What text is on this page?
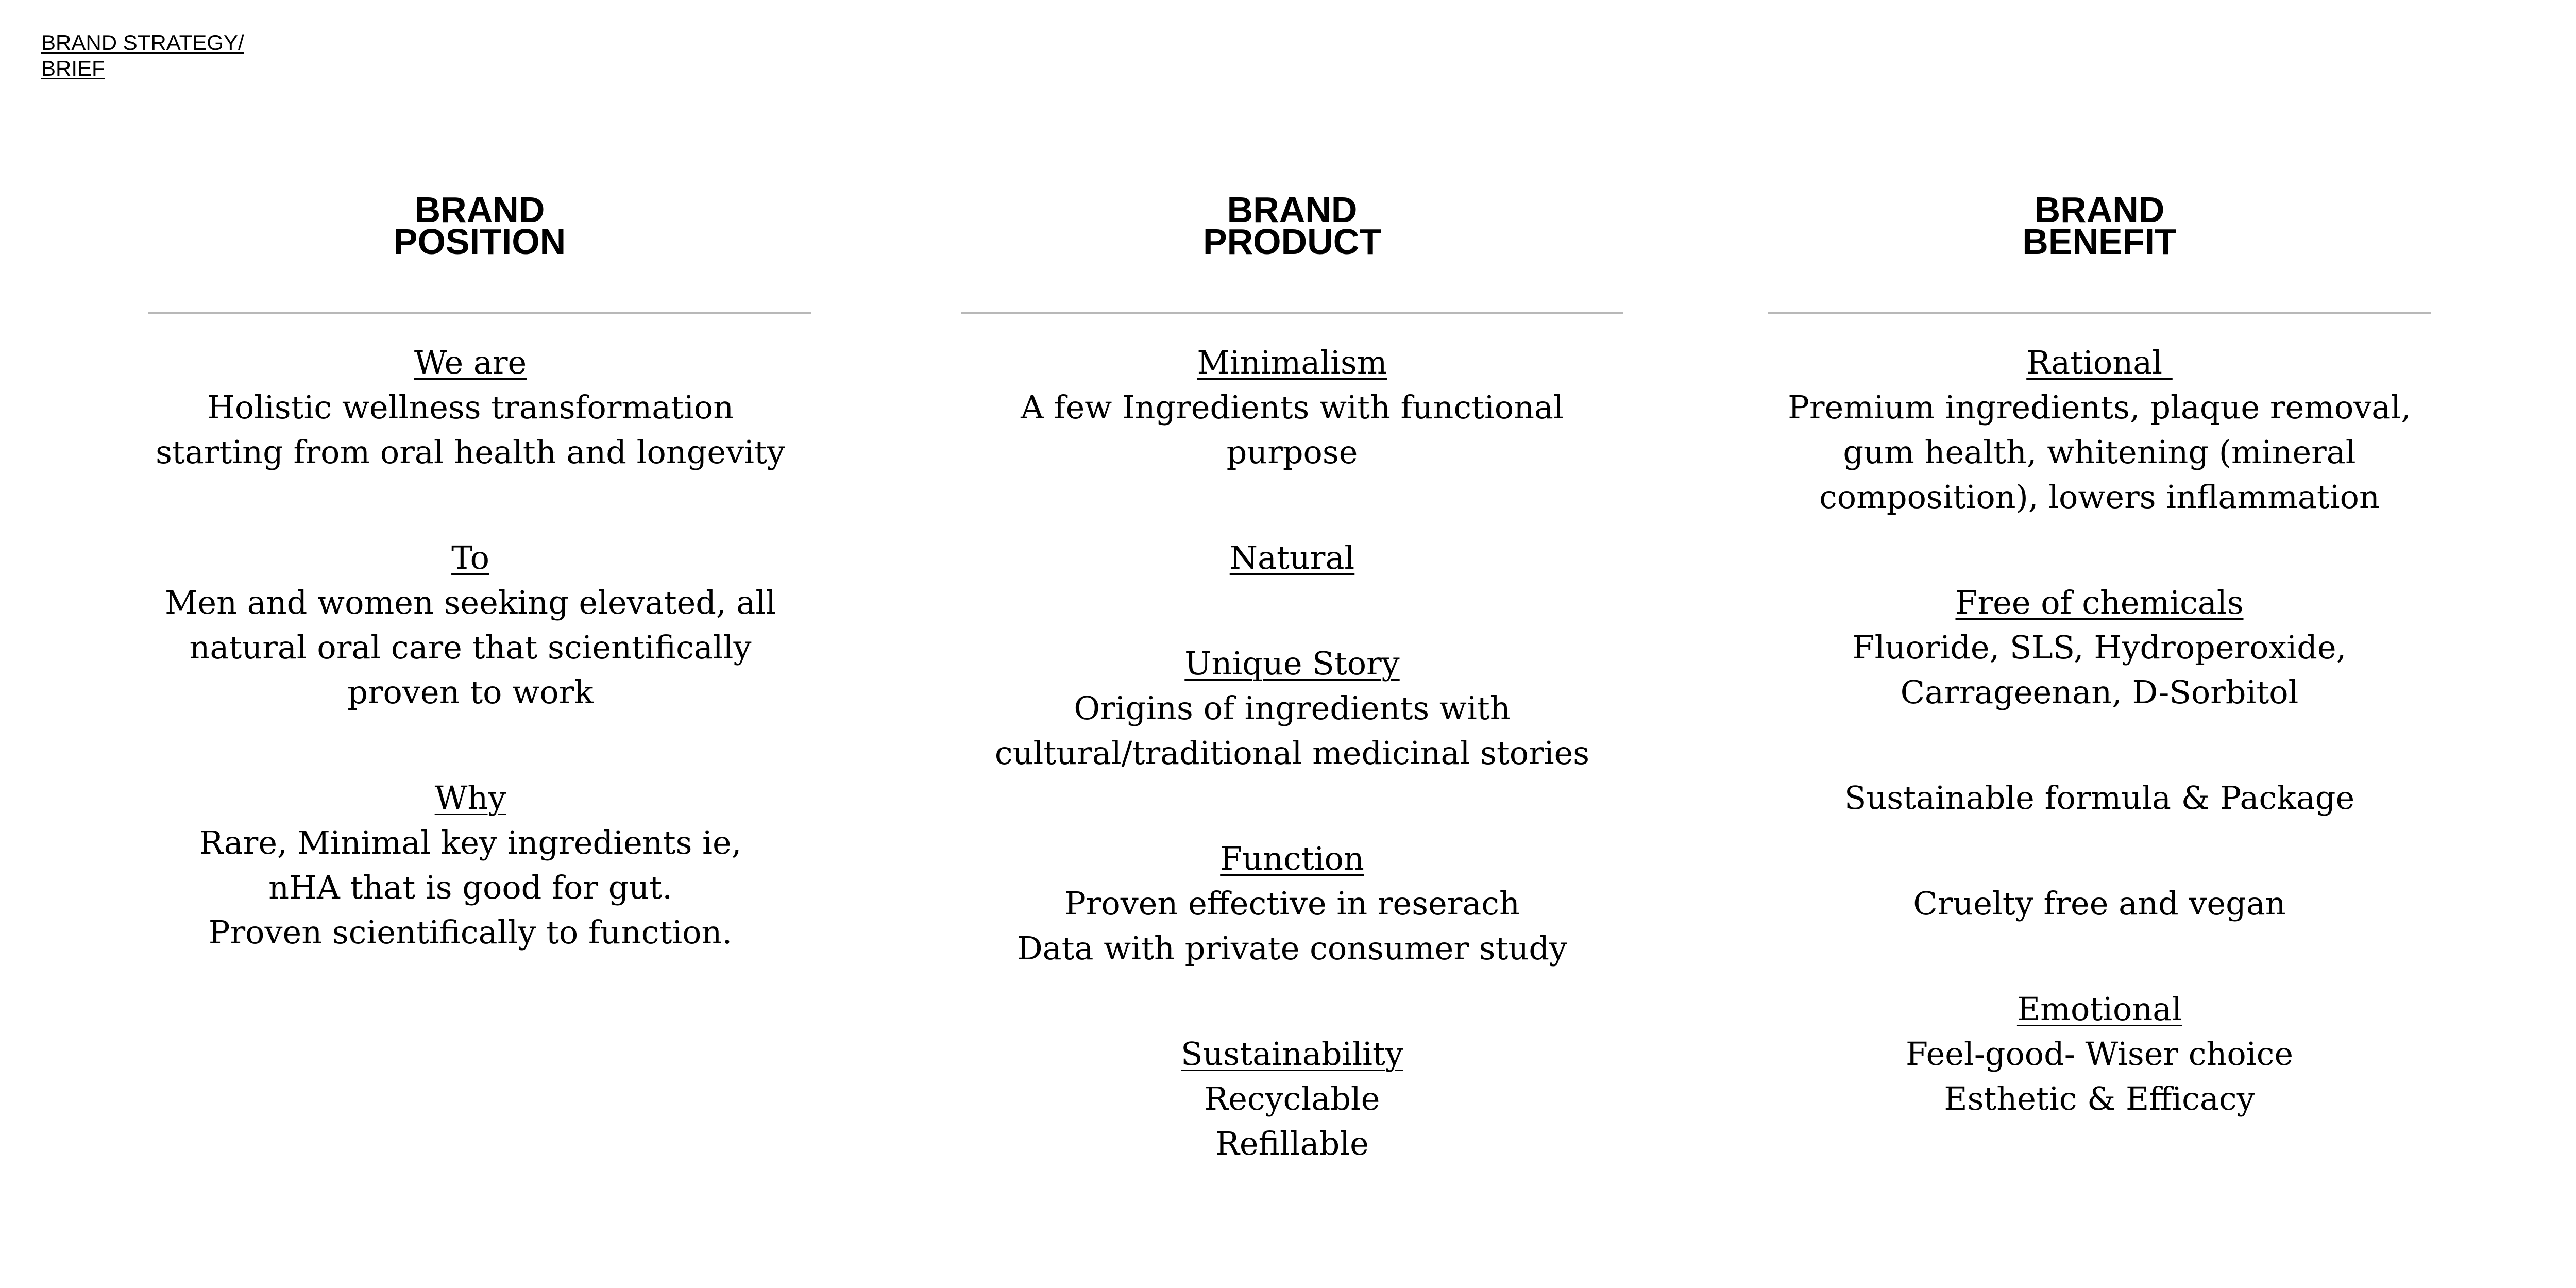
BRAND STRATEGY/
BRIEF
BRAND
POSITION
We are
Holistic wellness transformation starting from oral health and longevity
To
Men and women seeking elevated, all natural oral care that scientifically proven to work
Why
Rare, Minimal key ingredients ie,
nHA that is good for gut.
Proven scientifically to function.
BRAND
PRODUCT
Minimalism
A few Ingredients with functional purpose
Natural
Unique Story
Origins of ingredients with
cultural/traditional medicinal stories
Function
Proven effective in reserach
Data with private consumer study
Sustainability
Recyclable
Refillable
BRAND
BENEFIT
Rational
Premium ingredients, plaque removal, gum health, whitening (mineral composition), lowers inflammation
Free of chemicals
Fluoride, SLS, Hydroperoxide,
Carrageenan, D-Sorbitol
Sustainable formula & Package
Cruelty free and vegan
Emotional
Feel-good- Wiser choice
Esthetic & Efficacy
